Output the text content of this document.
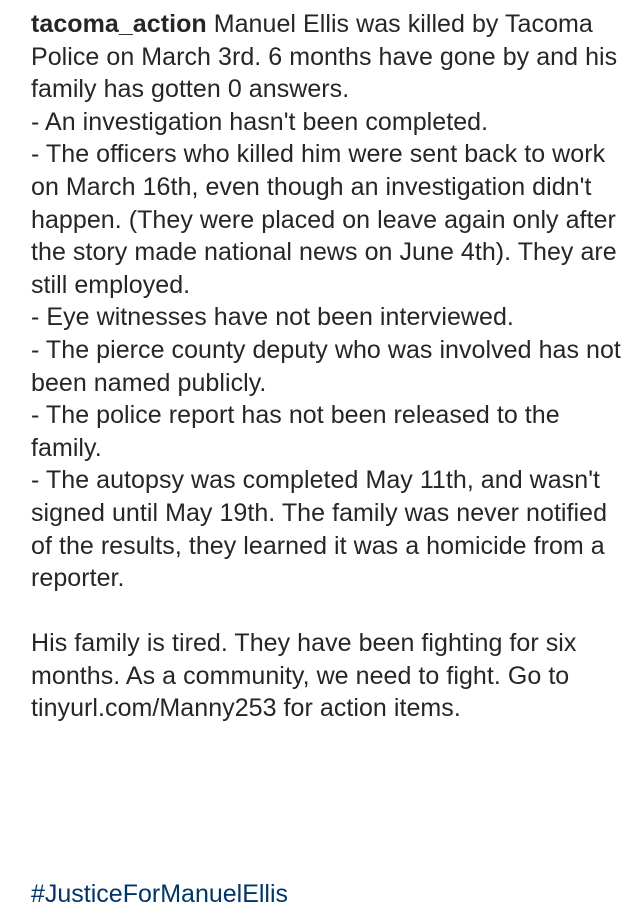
tacoma_action Manuel Ellis was killed by Tacoma Police on March 3rd. 6 months have gone by and his family has gotten 0 answers.

- An investigation hasn't been completed.
- The officers who killed him were sent back to work on March 16th, even though an investigation didn't happen. (They were placed on leave again only after the story made national news on June 4th). They are still employed.
- Eye witnesses have not been interviewed.
- The pierce county deputy who was involved has not been named publicly.
- The police report has not been released to the family.
- The autopsy was completed May 11th, and wasn't signed until May 19th. The family was never notified of the results, they learned it was a homicide from a reporter.

His family is tired. They have been fighting for six months. As a community, we need to fight. Go to tinyurl.com/Manny253 for action items.

#JusticeForManuelEllis
